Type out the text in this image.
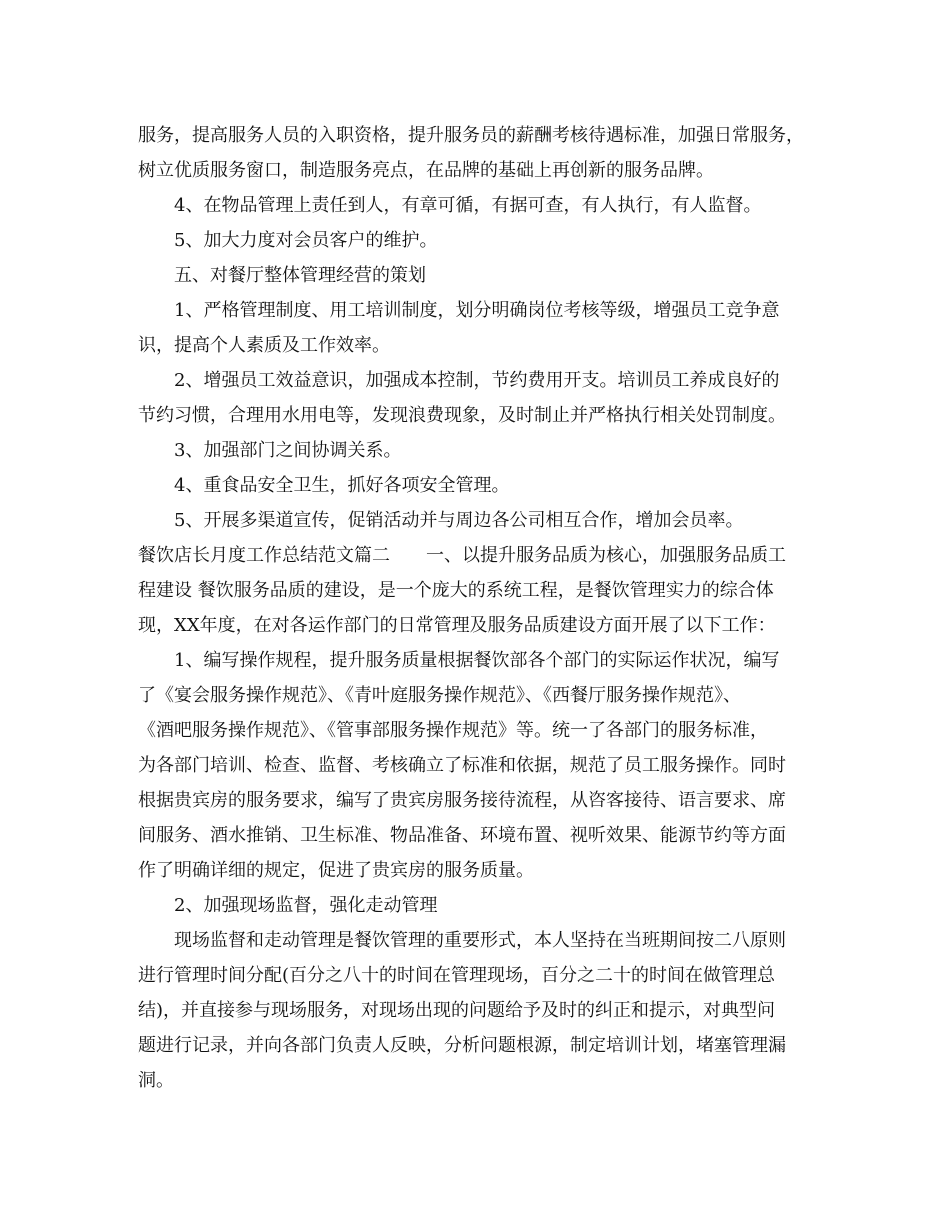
服务，提高服务人员的入职资格，提升服务员的薪酬考核待遇标准，加强日常服务，
树立优质服务窗口，制造服务亮点，在品牌的基础上再创新的服务品牌。
4、在物品管理上责任到人，有章可循，有据可查，有人执行，有人监督。
5、加大力度对会员客户的维护。
五、对餐厅整体管理经营的策划
1、严格管理制度、用工培训制度，划分明确岗位考核等级，增强员工竞争意
识，提高个人素质及工作效率。
2、增强员工效益意识，加强成本控制，节约费用开支。培训员工养成良好的
节约习惯，合理用水用电等，发现浪费现象，及时制止并严格执行相关处罚制度。
3、加强部门之间协调关系。
4、重食品安全卫生，抓好各项安全管理。
5、开展多渠道宣传，促销活动并与周边各公司相互合作，增加会员率。
餐饮店长月度工作总结范文篇二　　一、以提升服务品质为核心，加强服务品质工
程建设 餐饮服务品质的建设，是一个庞大的系统工程，是餐饮管理实力的综合体
现，XX年度，在对各运作部门的日常管理及服务品质建设方面开展了以下工作：
1、编写操作规程，提升服务质量根据餐饮部各个部门的实际运作状况，编写
了《宴会服务操作规范》、《青叶庭服务操作规范》、《西餐厅服务操作规范》、
《酒吧服务操作规范》、《管事部服务操作规范》等。统一了各部门的服务标准，
为各部门培训、检查、监督、考核确立了标准和依据，规范了员工服务操作。同时
根据贵宾房的服务要求，编写了贵宾房服务接待流程，从咨客接待、语言要求、席
间服务、酒水推销、卫生标准、物品准备、环境布置、视听效果、能源节约等方面
作了明确详细的规定，促进了贵宾房的服务质量。
2、加强现场监督，强化走动管理
现场监督和走动管理是餐饮管理的重要形式，本人坚持在当班期间按二八原则
进行管理时间分配(百分之八十的时间在管理现场，百分之二十的时间在做管理总
结)，并直接参与现场服务，对现场出现的问题给予及时的纠正和提示，对典型问
题进行记录，并向各部门负责人反映，分析问题根源，制定培训计划，堵塞管理漏
洞。
